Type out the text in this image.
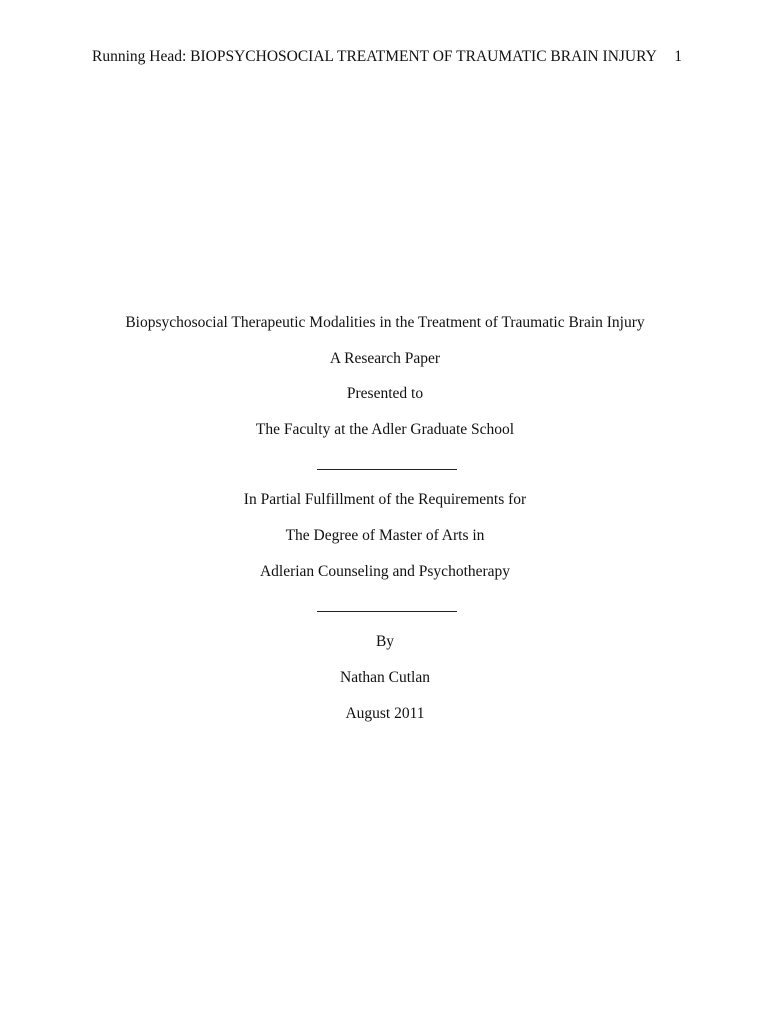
Running Head: BIOPSYCHOSOCIAL TREATMENT OF TRAUMATIC BRAIN INJURY 1
Biopsychosocial Therapeutic Modalities in the Treatment of Traumatic Brain Injury
A Research Paper
Presented to
The Faculty at the Adler Graduate School
In Partial Fulfillment of the Requirements for
The Degree of Master of Arts in
Adlerian Counseling and Psychotherapy
By
Nathan Cutlan
August 2011
